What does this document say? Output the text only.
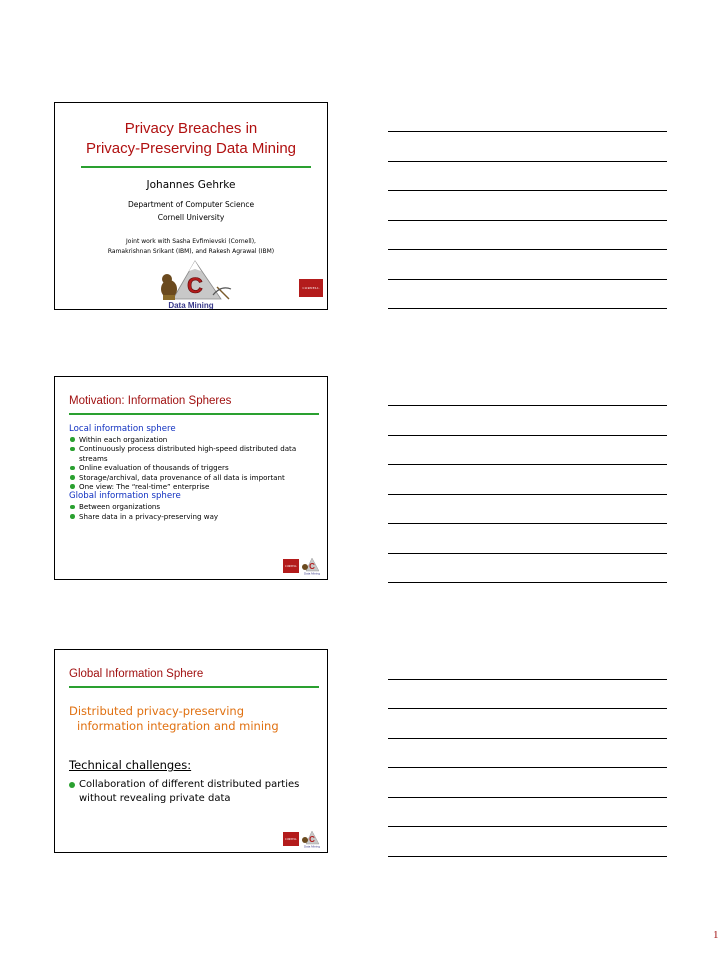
Privacy Breaches in
Privacy-Preserving Data Mining
Johannes Gehrke
Department of Computer Science
Cornell University
Joint work with Sasha Evfimievski (Cornell),
Ramakrishnan Srikant (IBM), and Rakesh Agrawal (IBM)
C
Data Mining
CORNELL
Motivation: Information Spheres
Local information sphere
Within each organization
Continuously process distributed high-speed distributed data streams
Online evaluation of thousands of triggers
Storage/archival, data provenance of all data is important
One view: The “real-time” enterprise
Global information sphere
Between organizations
Share data in a privacy-preserving way
CORNELL C
Data Mining
Global Information Sphere
Distributed privacy-preserving
information integration and mining
Technical challenges:
Collaboration of different distributed parties without revealing private data
CORNELL C
Data Mining
1
